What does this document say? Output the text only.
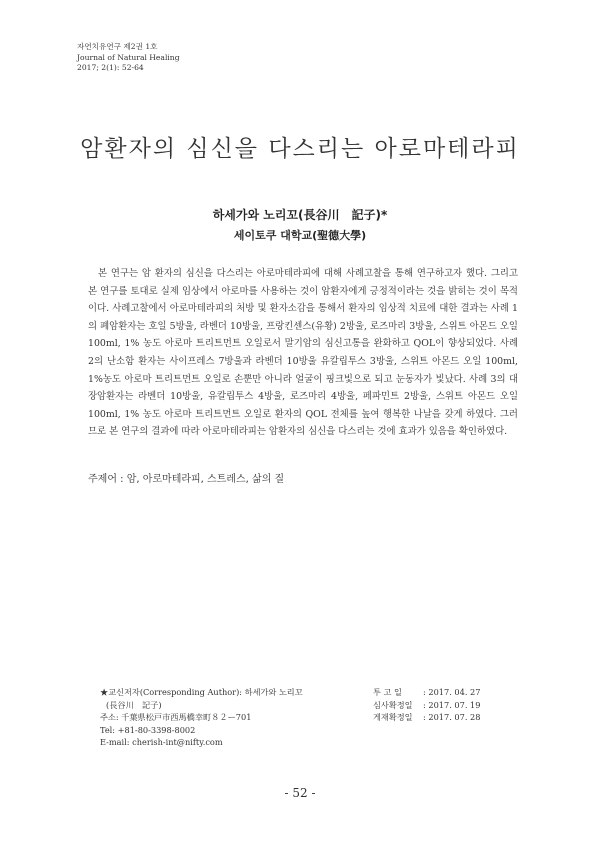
자연치유연구 제2권 1호
Journal of Natural Healing
2017; 2(1): 52-64
암환자의 심신을 다스리는 아로마테라피
하세가와 노리꼬(長谷川　記子)*
세이토쿠 대학교(聖德大學)
본 연구는 암 환자의 심신을 다스리는 아로마테라피에 대해 사례고찰을 통해 연구하고자 했다. 그리고 본 연구를 토대로 실제 임상에서 아로마를 사용하는 것이 암환자에게 긍정적이라는 것을 밝히는 것이 목적이다. 사례고찰에서 아로마테라피의 처방 및 환자소감을 통해서 환자의 임상적 치료에 대한 결과는 사례 1의 폐암환자는 호일 5방울, 라벤더 10방울, 프랑킨센스(유황) 2방울, 로즈마리 3방울, 스위트 아몬드 오일 100ml, 1% 농도 아로마 트리트먼트 오일로서 말기암의 심신고통을 완화하고 QOL이 향상되었다. 사례 2의 난소함 환자는 사이프레스 7방울과 라벤더 10방울 유칼립투스 3방울, 스위트 아몬드 오일 100ml, 1%농도 아로마 트리트먼트 오일로 손뿐만 아니라 얼굴이 핑크빛으로 되고 눈동자가 빛났다. 사례 3의 대장암환자는 라벤더 10방울, 유칼립투스 4방울, 로즈마리 4방울, 페파민트 2방울, 스위트 아몬드 오일 100ml, 1% 농도 아로마 트리트먼트 오일로 환자의 QOL 전체를 높여 행복한 나날을 갖게 하였다. 그러므로 본 연구의 결과에 따라 아로마테라피는 암환자의 심신을 다스리는 것에 효과가 있음을 확인하였다.
주제어 : 암, 아로마테라피, 스트레스, 삶의 질
★교신저자(Corresponding Author): 하세가와 노리꼬
(長谷川　記子)
주소: 千葉県松戸市西馬橋幸町８２ー701
Tel: +81-80-3398-8002
E-mail: cherish-int@nifty.com
투 고 일	: 2017. 04. 27
심사확정일 : 2017. 07. 19
게재확정일 : 2017. 07. 28
- 52 -
